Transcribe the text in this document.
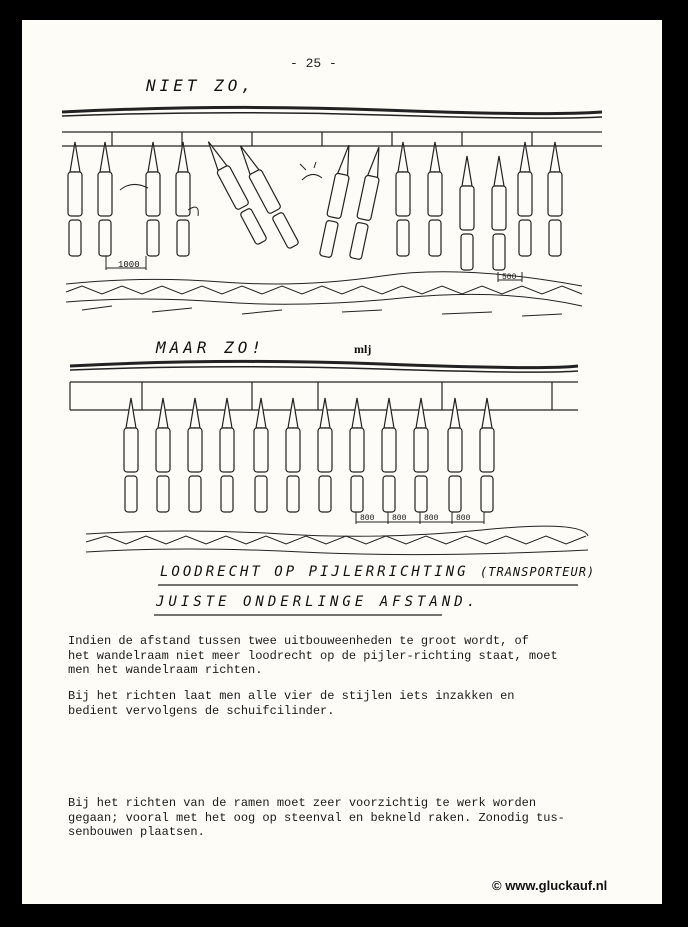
- 25 -
NIET ZO,
MAAR ZO!	mlj
1000
500
800 800 800 800
LOODRECHT OP PIJLERRICHTING (TRANSPORTEUR)
JUISTE ONDERLINGE AFSTAND.
Indien de afstand tussen twee uitbouweenheden te groot wordt, of
het wandelraam niet meer loodrecht op de pijler-richting staat, moet
men het wandelraam richten.
Bij het richten laat men alle vier de stijlen iets inzakken en
bedient vervolgens de schuifcilinder.
Bij het richten van de ramen moet zeer voorzichtig te werk worden
gegaan; vooral met het oog op steenval en bekneld raken. Zonodig tus-
senbouwen plaatsen.
© www.gluckauf.nl
